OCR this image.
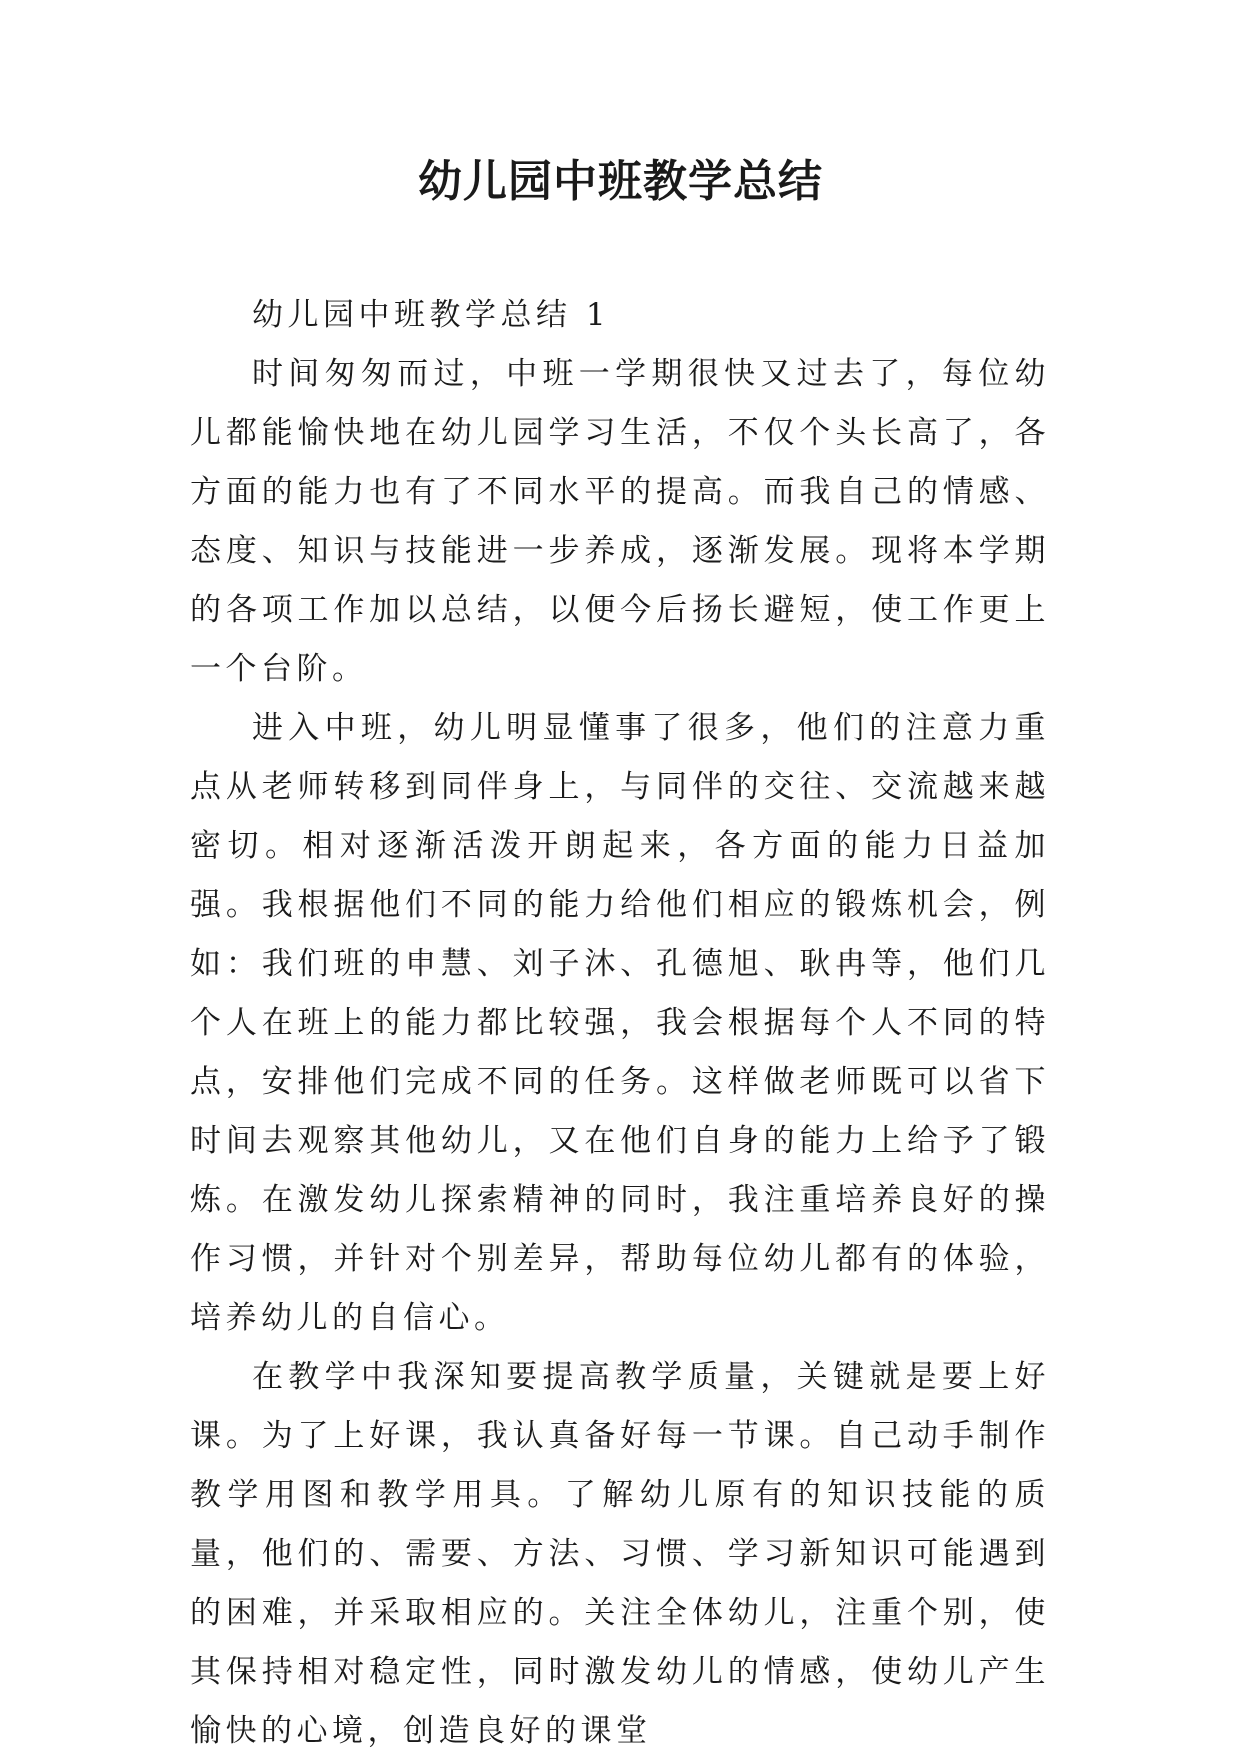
幼儿园中班教学总结

幼儿园中班教学总结 1

时间匆匆而过，中班一学期很快又过去了，每位幼儿都能愉快地在幼儿园学习生活，不仅个头长高了，各方面的能力也有了不同水平的提高。而我自己的情感、态度、知识与技能进一步养成，逐渐发展。现将本学期的各项工作加以总结，以便今后扬长避短，使工作更上一个台阶。

进入中班，幼儿明显懂事了很多，他们的注意力重点从老师转移到同伴身上，与同伴的交往、交流越来越密切。相对逐渐活泼开朗起来，各方面的能力日益加强。我根据他们不同的能力给他们相应的锻炼机会，例如：我们班的申慧、刘子沐、孔德旭、耿冉等，他们几个人在班上的能力都比较强，我会根据每个人不同的特点，安排他们完成不同的任务。这样做老师既可以省下时间去观察其他幼儿，又在他们自身的能力上给予了锻炼。在激发幼儿探索精神的同时，我注重培养良好的操作习惯，并针对个别差异，帮助每位幼儿都有的体验，培养幼儿的自信心。

在教学中我深知要提高教学质量，关键就是要上好课。为了上好课，我认真备好每一节课。自己动手制作教学用图和教学用具。了解幼儿原有的知识技能的质量，他们的、需要、方法、习惯、学习新知识可能遇到的困难，并采取相应的。关注全体幼儿，注重个别，使其保持相对稳定性，同时激发幼儿的情感，使幼儿产生愉快的心境，创造良好的课堂
